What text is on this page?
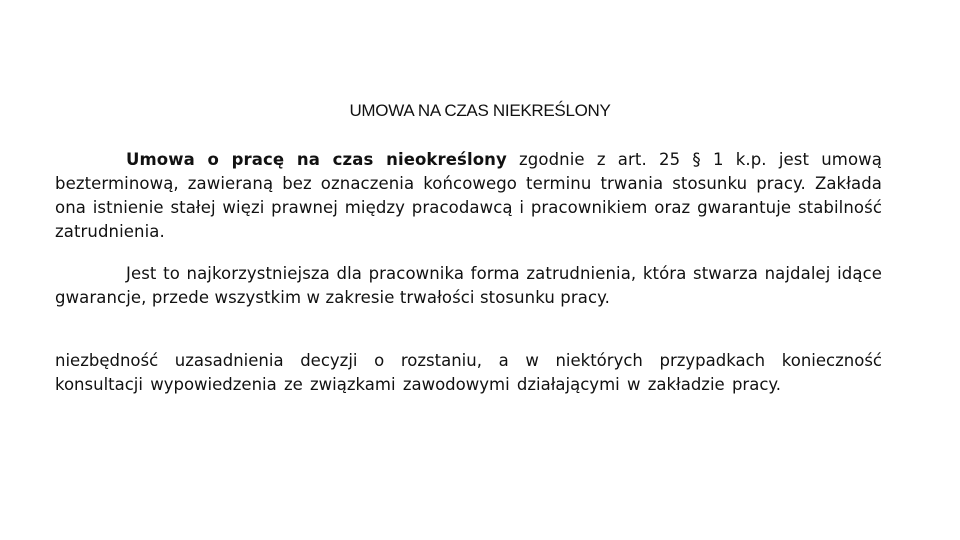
UMOWA NA CZAS NIEKREŚLONY
Umowa o pracę na czas nieokreślony zgodnie z art. 25 § 1 k.p. jest umową bezterminową, zawieraną bez oznaczenia końcowego terminu trwania stosunku pracy. Zakłada ona istnienie stałej więzi prawnej między pracodawcą i pracownikiem oraz gwarantuje stabilność zatrudnienia.
Jest to najkorzystniejsza dla pracownika forma zatrudnienia, która stwarza najdalej idące gwarancje, przede wszystkim w zakresie trwałości stosunku pracy.
niezbędność uzasadnienia decyzji o rozstaniu, a w niektórych przypadkach konieczność konsultacji wypowiedzenia ze związkami zawodowymi działającymi w zakładzie pracy.
